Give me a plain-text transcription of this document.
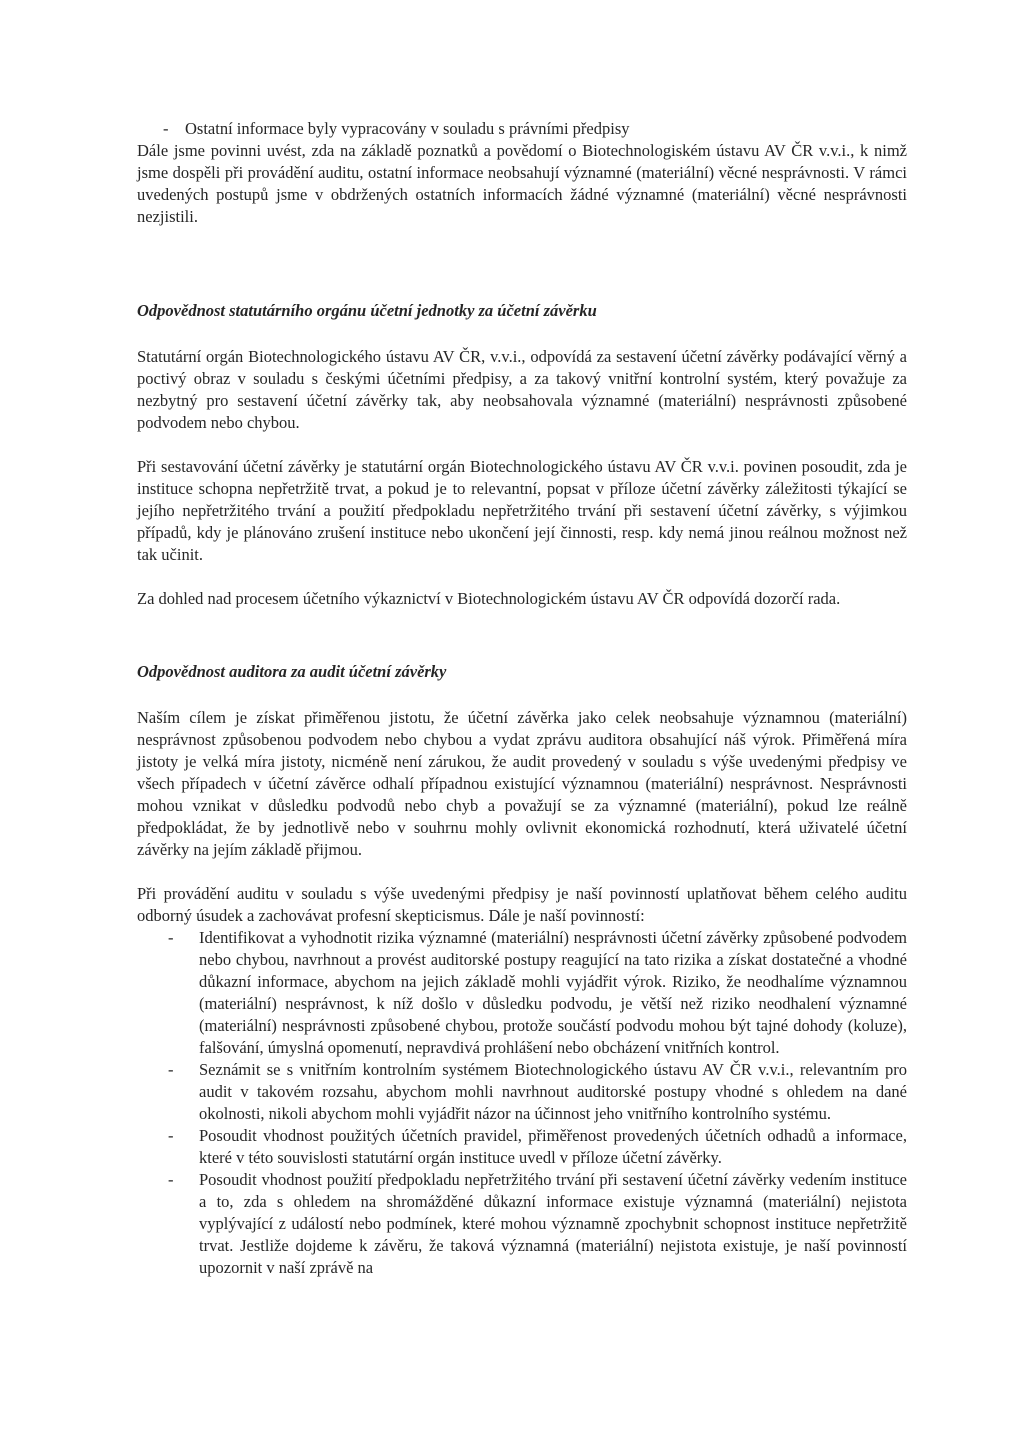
- Ostatní informace byly vypracovány v souladu s právními předpisy

Dále jsme povinni uvést, zda na základě poznatků a povědomí o Biotechnologiském ústavu AV ČR v.v.i., k nimž jsme dospěli při provádění auditu, ostatní informace neobsahují významné (materiální) věcné nesprávnosti. V rámci uvedených postupů jsme v obdržených ostatních informacích žádné významné (materiální) věcné nesprávnosti nezjistili.

Odpovědnost statutárního orgánu účetní jednotky za účetní závěrku

Statutární orgán Biotechnologického ústavu AV ČR, v.v.i., odpovídá za sestavení účetní závěrky podávající věrný a poctivý obraz v souladu s českými účetními předpisy, a za takový vnitřní kontrolní systém, který považuje za nezbytný pro sestavení účetní závěrky tak, aby neobsahovala významné (materiální) nesprávnosti způsobené podvodem nebo chybou.

Při sestavování účetní závěrky je statutární orgán Biotechnologického ústavu AV ČR v.v.i. povinen posoudit, zda je instituce schopna nepřetržitě trvat, a pokud je to relevantní, popsat v příloze účetní závěrky záležitosti týkající se jejího nepřetržitého trvání a použití předpokladu nepřetržitého trvání při sestavení účetní závěrky, s výjimkou případů, kdy je plánováno zrušení instituce nebo ukončení její činnosti, resp. kdy nemá jinou reálnou možnost než tak učinit.

Za dohled nad procesem účetního výkaznictví v Biotechnologickém ústavu AV ČR odpovídá dozorčí rada.

Odpovědnost auditora za audit účetní závěrky

Naším cílem je získat přiměřenou jistotu, že účetní závěrka jako celek neobsahuje významnou (materiální) nesprávnost způsobenou podvodem nebo chybou a vydat zprávu auditora obsahující náš výrok. Přiměřená míra jistoty je velká míra jistoty, nicméně není zárukou, že audit provedený v souladu s výše uvedenými předpisy ve všech případech v účetní závěrce odhalí případnou existující významnou (materiální) nesprávnost. Nesprávnosti mohou vznikat v důsledku podvodů nebo chyb a považují se za významné (materiální), pokud lze reálně předpokládat, že by jednotlivě nebo v souhrnu mohly ovlivnit ekonomická rozhodnutí, která uživatelé účetní závěrky na jejím základě přijmou.

Při provádění auditu v souladu s výše uvedenými předpisy je naší povinností uplatňovat během celého auditu odborný úsudek a zachovávat profesní skepticismus. Dále je naší povinností:

- Identifikovat a vyhodnotit rizika významné (materiální) nesprávnosti účetní závěrky způsobené podvodem nebo chybou, navrhnout a provést auditorské postupy reagující na tato rizika a získat dostatečné a vhodné důkazní informace, abychom na jejich základě mohli vyjádřit výrok. Riziko, že neodhalíme významnou (materiální) nesprávnost, k níž došlo v důsledku podvodu, je větší než riziko neodhalení významné (materiální) nesprávnosti způsobené chybou, protože součástí podvodu mohou být tajné dohody (koluze), falšování, úmyslná opomenutí, nepravdivá prohlášení nebo obcházení vnitřních kontrol.
- Seznámit se s vnitřním kontrolním systémem Biotechnologického ústavu AV ČR v.v.i., relevantním pro audit v takovém rozsahu, abychom mohli navrhnout auditorské postupy vhodné s ohledem na dané okolnosti, nikoli abychom mohli vyjádřit názor na účinnost jeho vnitřního kontrolního systému.
- Posoudit vhodnost použitých účetních pravidel, přiměřenost provedených účetních odhadů a informace, které v této souvislosti statutární orgán instituce uvedl v příloze účetní závěrky.
- Posoudit vhodnost použití předpokladu nepřetržitého trvání při sestavení účetní závěrky vedením instituce a to, zda s ohledem na shromážděné důkazní informace existuje významná (materiální) nejistota vyplývající z událostí nebo podmínek, které mohou významně zpochybnit schopnost instituce nepřetržitě trvat. Jestliže dojdeme k závěru, že taková významná (materiální) nejistota existuje, je naší povinností upozornit v naší zprávě na
